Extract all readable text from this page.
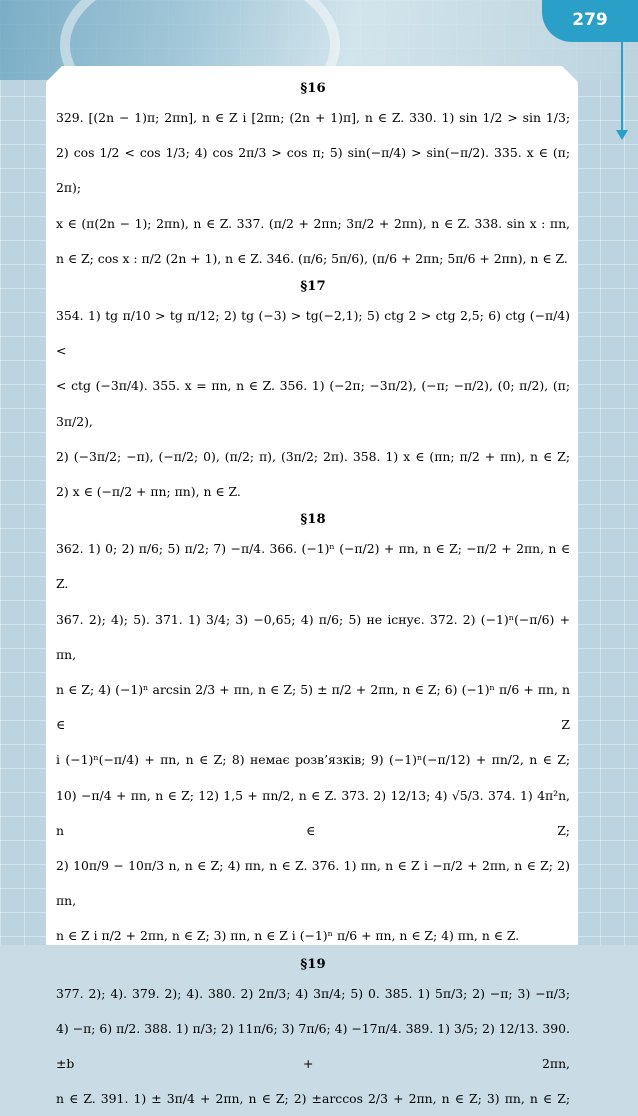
279
§16

329. [(2n − 1)π; 2πn], n ∈ Z і [2πn; (2n + 1)π], n ∈ Z. 330. 1) sin 1/2 > sin 1/3;

2) cos 1/2 < cos 1/3; 4) cos 2π/3 > cos π; 5) sin(−π/4) > sin(−π/2). 335. x ∈ (π; 2π);

x ∈ (π(2n − 1); 2πn), n ∈ Z. 337. (π/2 + 2πn; 3π/2 + 2πn), n ∈ Z. 338. sin x : πn,

n ∈ Z; cos x : π/2 (2n + 1), n ∈ Z. 346. (π/6; 5π/6), (π/6 + 2πn; 5π/6 + 2πn), n ∈ Z.

§17

354. 1) tg π/10 > tg π/12; 2) tg (−3) > tg(−2,1); 5) ctg 2 > ctg 2,5; 6) ctg (−π/4) <

< ctg (−3π/4). 355. x = πn, n ∈ Z. 356. 1) (−2π; −3π/2), (−π; −π/2), (0; π/2), (π; 3π/2),

2) (−3π/2; −π), (−π/2; 0), (π/2; π), (3π/2; 2π). 358. 1) x ∈ (πn; π/2 + πn), n ∈ Z;

2) x ∈ (−π/2 + πn; πn), n ∈ Z.

§18

362. 1) 0; 2) π/6; 5) π/2; 7) −π/4. 366. (−1)ⁿ (−π/2) + πn, n ∈ Z; −π/2 + 2πn, n ∈ Z.

367. 2); 4); 5). 371. 1) 3/4; 3) −0,65; 4) π/6; 5) не існує. 372. 2) (−1)ⁿ(−π/6) + πn,

n ∈ Z; 4) (−1)ⁿ arcsin 2/3 + πn, n ∈ Z; 5) ± π/2 + 2πn, n ∈ Z; 6) (−1)ⁿ π/6 + πn, n ∈ Z

і (−1)ⁿ(−π/4) + πn, n ∈ Z; 8) немає розв’язків; 9) (−1)ⁿ(−π/12) + πn/2, n ∈ Z;

10) −π/4 + πn, n ∈ Z; 12) 1,5 + πn/2, n ∈ Z. 373. 2) 12/13; 4) √5/3. 374. 1) 4π²n, n ∈ Z;

2) 10π/9 − 10π/3 n, n ∈ Z; 4) πn, n ∈ Z. 376. 1) πn, n ∈ Z і −π/2 + 2πn, n ∈ Z; 2) πn,

n ∈ Z і π/2 + 2πn, n ∈ Z; 3) πn, n ∈ Z і (−1)ⁿ π/6 + πn, n ∈ Z; 4) πn, n ∈ Z.

§19

377. 2); 4). 379. 2); 4). 380. 2) 2π/3; 4) 3π/4; 5) 0. 385. 1) 5π/3; 2) −π; 3) −π/3;

4) −π; 6) π/2. 388. 1) π/3; 2) 11π/6; 3) 7π/6; 4) −17π/4. 389. 1) 3/5; 2) 12/13. 390. ±b + 2πn,

n ∈ Z. 391. 1) ± 3π/4 + 2πn, n ∈ Z; 2) ±arccos 2/3 + 2πn, n ∈ Z; 3) πn, n ∈ Z;
